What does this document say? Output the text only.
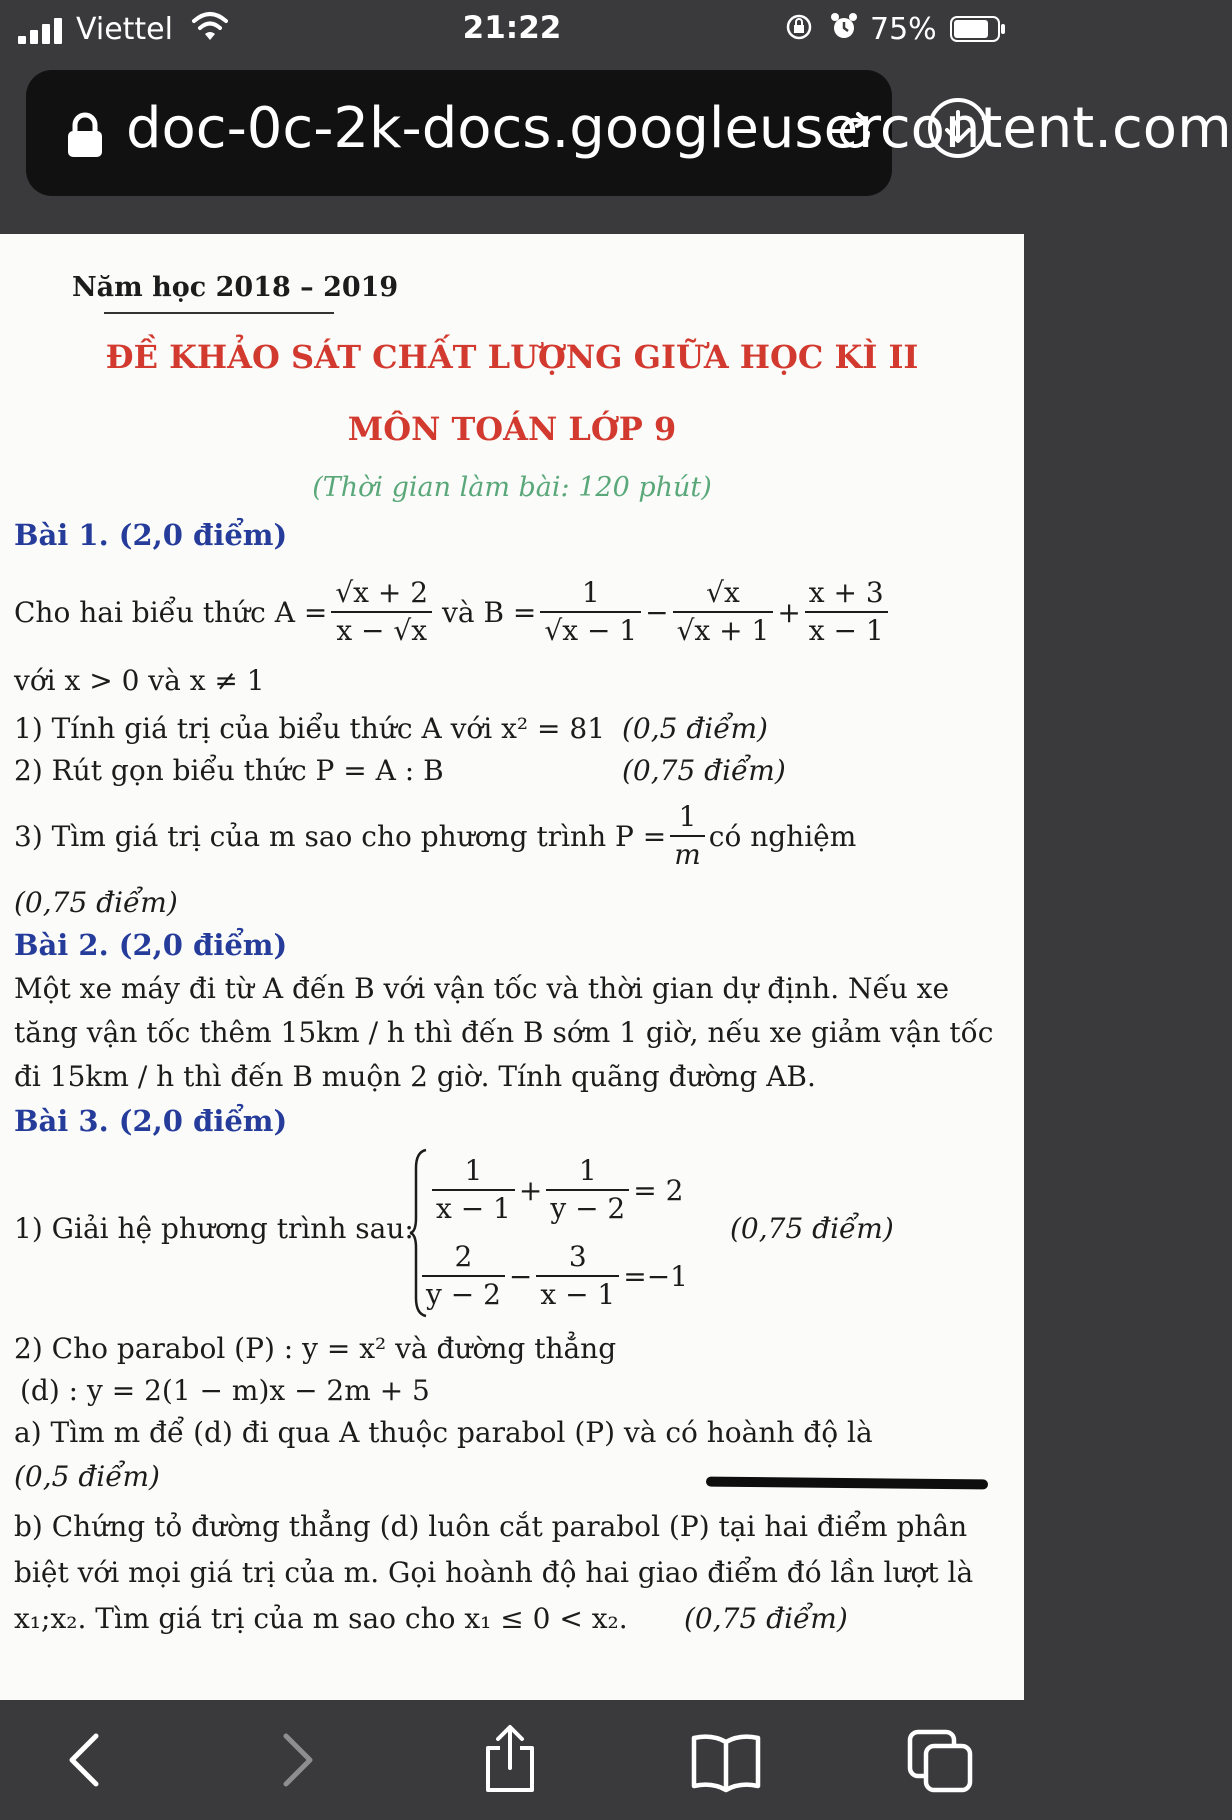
Viettel	21:22	75%
doc-0c-2k-docs.googleusercontent.com
Năm học 2018 – 2019
ĐỀ KHẢO SÁT CHẤT LƯỢNG GIỮA HỌC KÌ II
MÔN TOÁN LỚP 9
(Thời gian làm bài: 120 phút)
Bài 1. (2,0 điểm)
Cho hai biểu thức $A = \frac{√x + 2}{x - √x}$ và $B = \frac{1}{√x - 1} - \frac{√x}{√x + 1} + \frac{x + 3}{x - 1}$
với x > 0 và x ≠ 1
1) Tính giá trị của biểu thức A với x² = 81 (0,5 điểm)
2) Rút gọn biểu thức P = A : B	(0,75 điểm)
3) Tìm giá trị của m sao cho phương trình $P = \frac{1}{m}$ có nghiệm
(0,75 điểm)
Bài 2. (2,0 điểm)
Một xe máy đi từ A đến B với vận tốc và thời gian dự định. Nếu xe
tăng vận tốc thêm 15km / h thì đến B sớm 1 giờ, nếu xe giảm vận tốc
đi 15km / h thì đến B muộn 2 giờ. Tính quãng đường AB.
Bài 3. (2,0 điểm)
1) Giải hệ phương trình sau:
$\frac{1}{x - 1} + \frac{1}{y - 2} = 2$
$\frac{2}{y - 2} - \frac{3}{x - 1} =-1$
(0,75 điểm)
2) Cho parabol (P) : y = x² và đường thẳng
(d) : y = 2(1 − m)x − 2m + 5
a) Tìm m để (d) đi qua A thuộc parabol (P) và có hoành độ là
(0,5 điểm)
b) Chứng tỏ đường thẳng (d) luôn cắt parabol (P) tại hai điểm phân
biệt với mọi giá trị của m. Gọi hoành độ hai giao điểm đó lần lượt là
x₁;x₂. Tìm giá trị của m sao cho x₁ ≤ 0 < x₂. (0,75 điểm)
